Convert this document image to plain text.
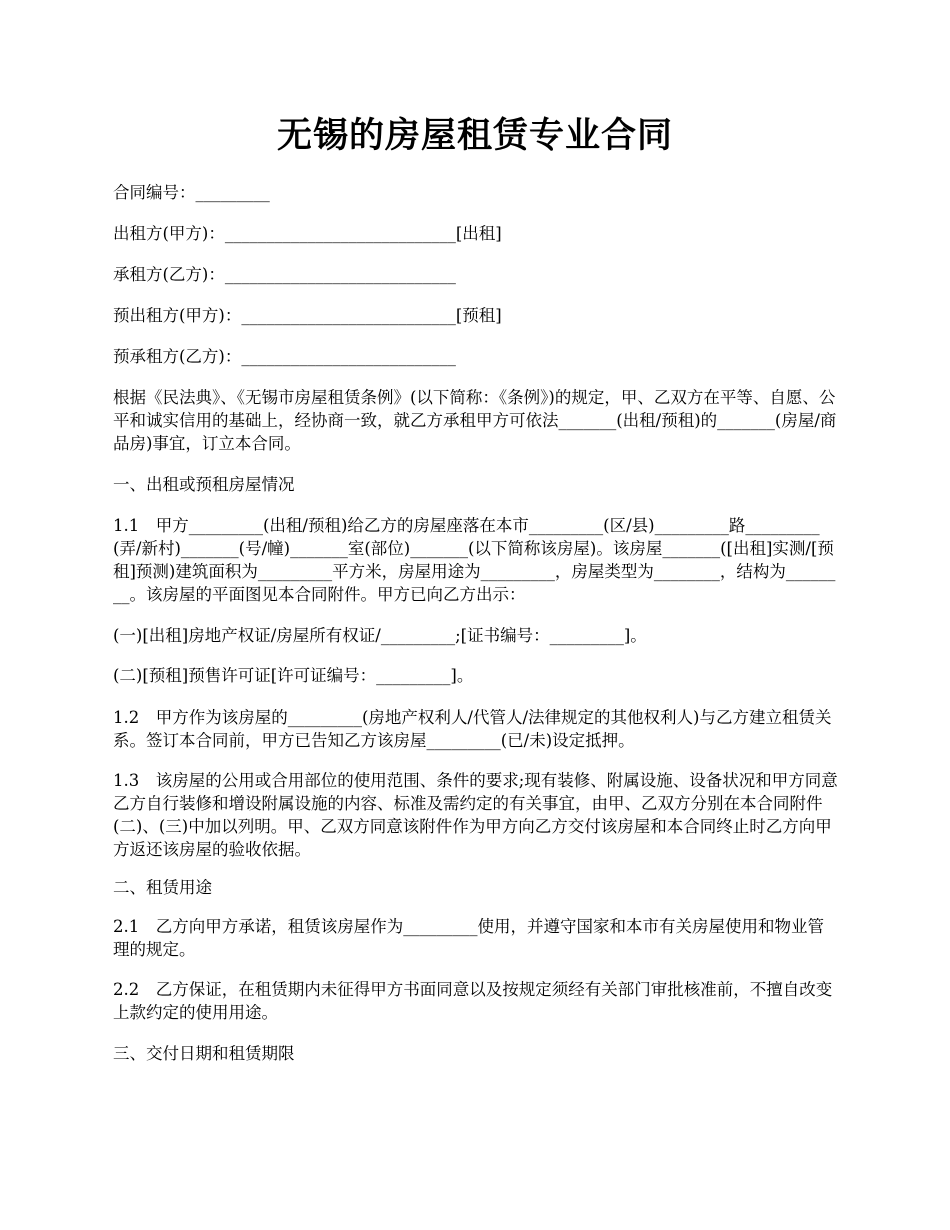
无锡的房屋租赁专业合同

合同编号：_________

出租方(甲方)：____________________________[出租]

承租方(乙方)：____________________________

预出租方(甲方)：__________________________[预租]

预承租方(乙方)：__________________________

根据《民法典》、《无锡市房屋租赁条例》(以下简称：《条例》)的规定，甲、乙双方在平等、自愿、公平和诚实信用的基础上，经协商一致，就乙方承租甲方可依法_______(出租/预租)的_______(房屋/商品房)事宜，订立本合同。

一、出租或预租房屋情况

1.1　甲方_________(出租/预租)给乙方的房屋座落在本市_________(区/县)_________路_________(弄/新村)_______(号/幢)_______室(部位)_______(以下简称该房屋)。该房屋_______([出租]实测/[预租]预测)建筑面积为_________平方米，房屋用途为_________，房屋类型为________，结构为________。该房屋的平面图见本合同附件。甲方已向乙方出示：

(一)[出租]房地产权证/房屋所有权证/_________;[证书编号：_________]。

(二)[预租]预售许可证[许可证编号：_________]。

1.2　甲方作为该房屋的_________(房地产权利人/代管人/法律规定的其他权利人)与乙方建立租赁关系。签订本合同前，甲方已告知乙方该房屋_________(已/未)设定抵押。

1.3　该房屋的公用或合用部位的使用范围、条件的要求;现有装修、附属设施、设备状况和甲方同意乙方自行装修和增设附属设施的内容、标准及需约定的有关事宜，由甲、乙双方分别在本合同附件(二)、(三)中加以列明。甲、乙双方同意该附件作为甲方向乙方交付该房屋和本合同终止时乙方向甲方返还该房屋的验收依据。

二、租赁用途

2.1　乙方向甲方承诺，租赁该房屋作为_________使用，并遵守国家和本市有关房屋使用和物业管理的规定。

2.2　乙方保证，在租赁期内未征得甲方书面同意以及按规定须经有关部门审批核准前，不擅自改变上款约定的使用用途。

三、交付日期和租赁期限
